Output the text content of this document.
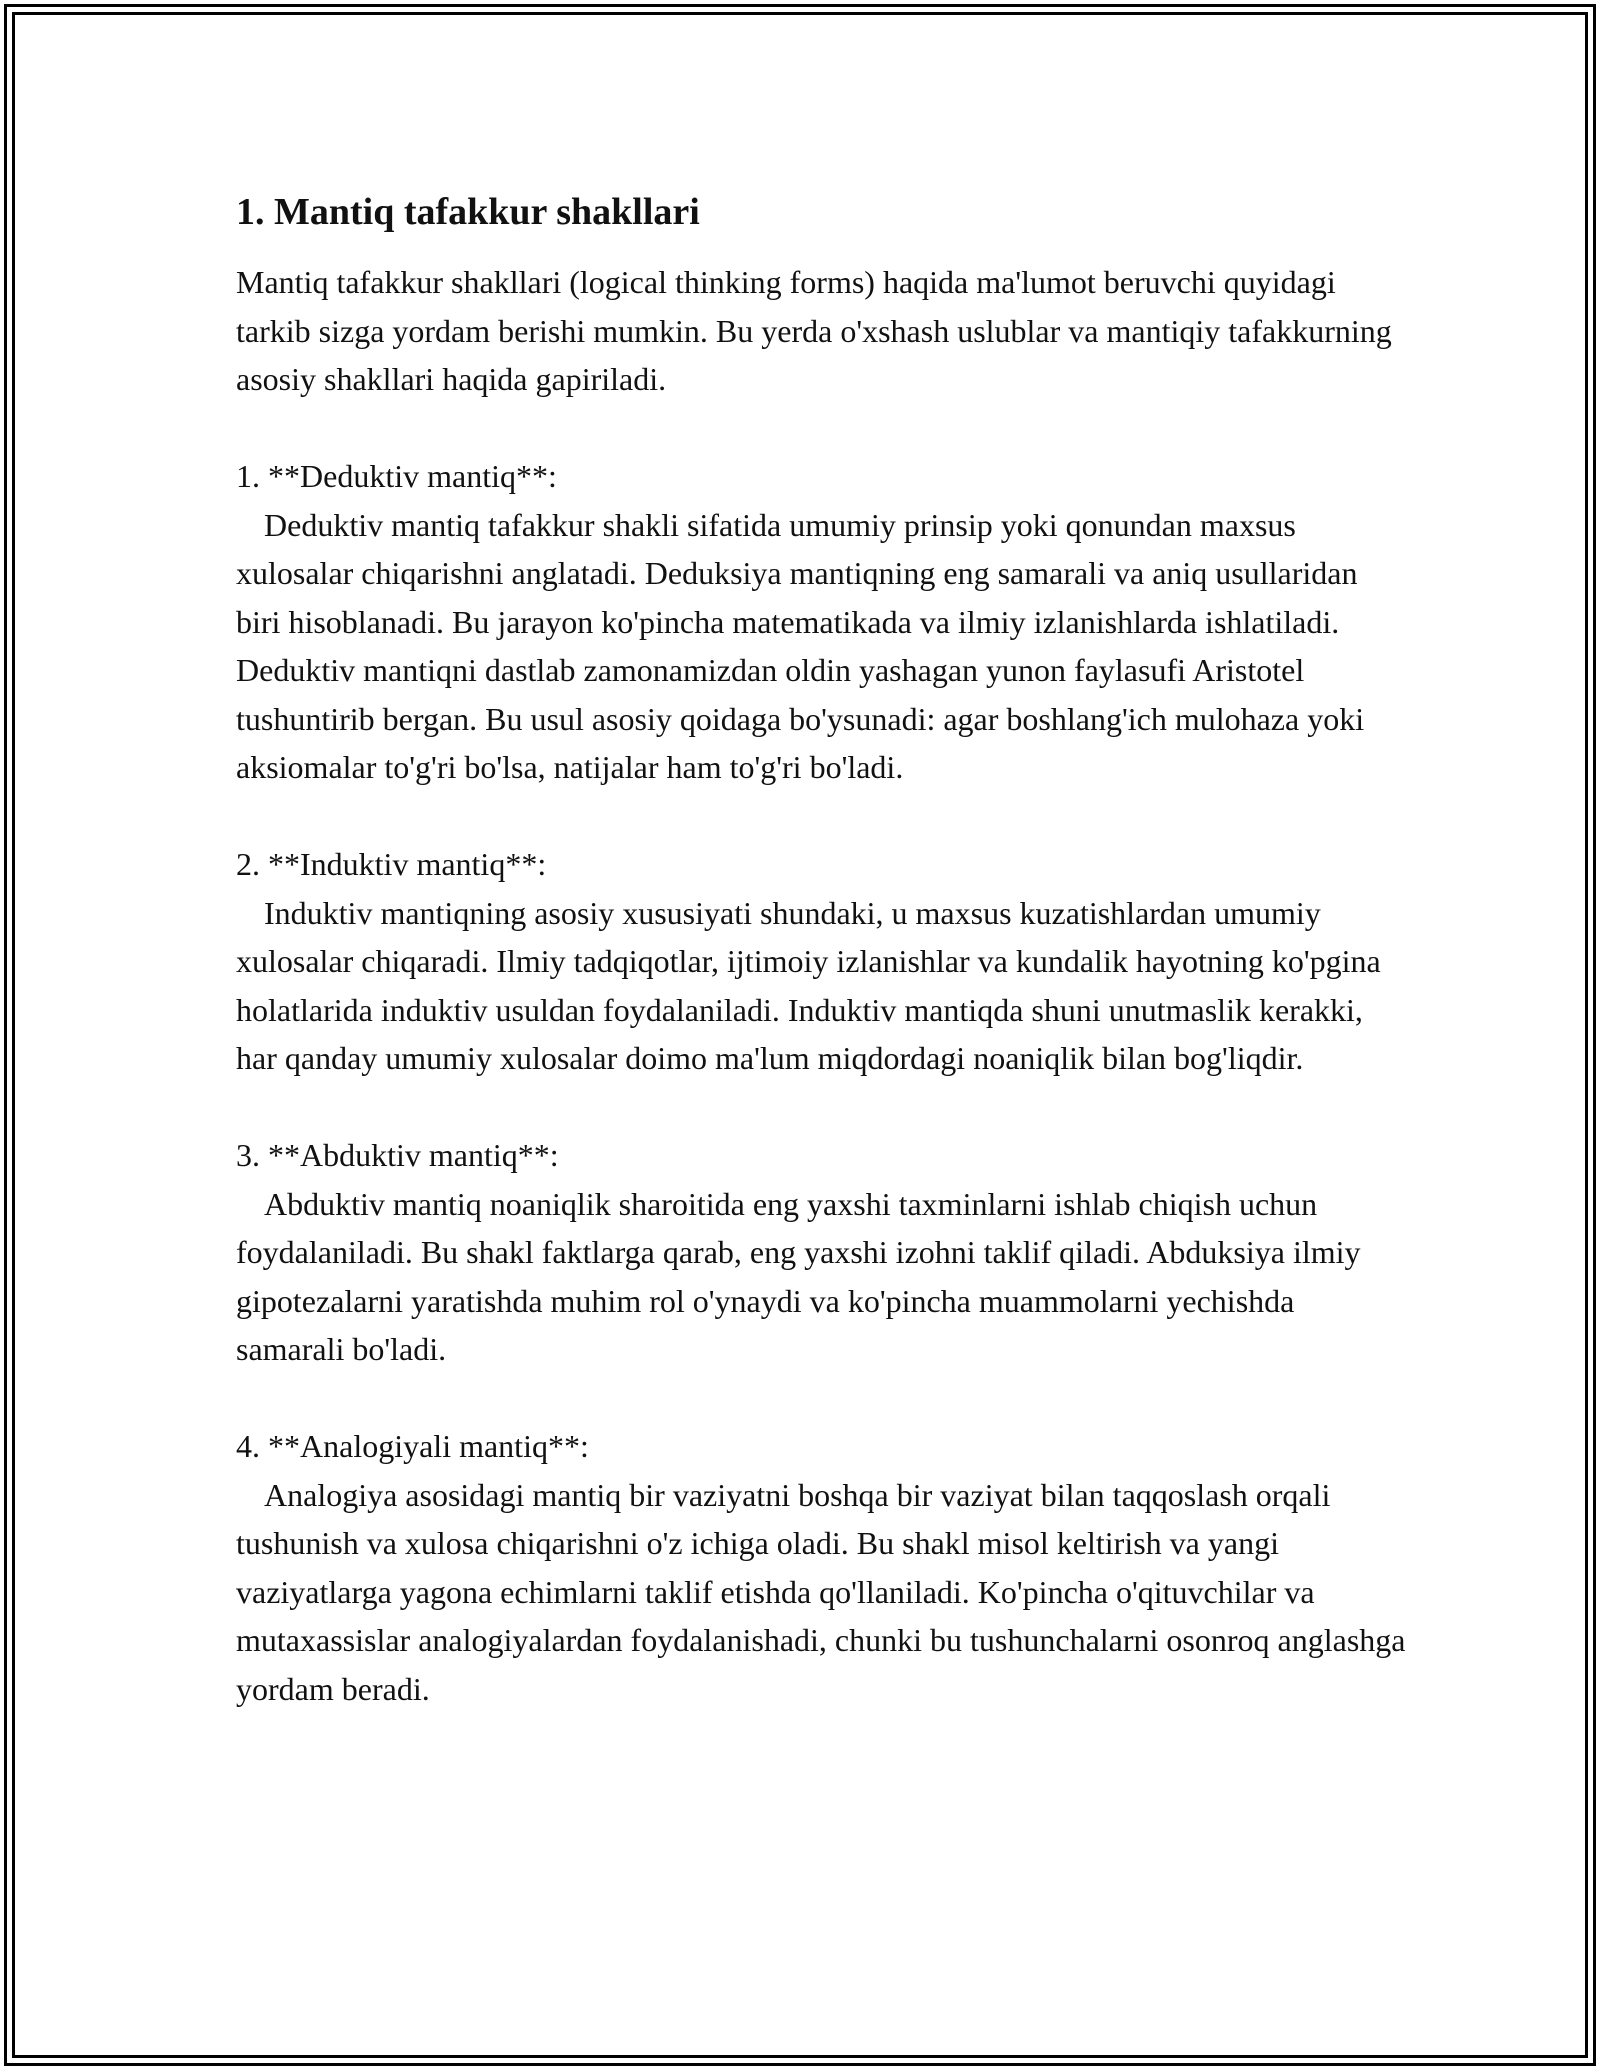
1. Mantiq tafakkur shakllari

Mantiq tafakkur shakllari (logical thinking forms) haqida ma'lumot beruvchi quyidagi tarkib sizga yordam berishi mumkin. Bu yerda o'xshash uslublar va mantiqiy tafakkurning asosiy shakllari haqida gapiriladi.

1. **Deduktiv mantiq**:

Deduktiv mantiq tafakkur shakli sifatida umumiy prinsip yoki qonundan maxsus xulosalar chiqarishni anglatadi. Deduksiya mantiqning eng samarali va aniq usullaridan biri hisoblanadi. Bu jarayon ko'pincha matematikada va ilmiy izlanishlarda ishlatiladi. Deduktiv mantiqni dastlab zamonamizdan oldin yashagan yunon faylasufi Aristotel tushuntirib bergan. Bu usul asosiy qoidaga bo'ysunadi: agar boshlang'ich mulohaza yoki aksiomalar to'g'ri bo'lsa, natijalar ham to'g'ri bo'ladi.

2. **Induktiv mantiq**:

Induktiv mantiqning asosiy xususiyati shundaki, u maxsus kuzatishlardan umumiy xulosalar chiqaradi. Ilmiy tadqiqotlar, ijtimoiy izlanishlar va kundalik hayotning ko'pgina holatlarida induktiv usuldan foydalaniladi. Induktiv mantiqda shuni unutmaslik kerakki, har qanday umumiy xulosalar doimo ma'lum miqdordagi noaniqlik bilan bog'liqdir.

3. **Abduktiv mantiq**:

Abduktiv mantiq noaniqlik sharoitida eng yaxshi taxminlarni ishlab chiqish uchun foydalaniladi. Bu shakl faktlarga qarab, eng yaxshi izohni taklif qiladi. Abduksiya ilmiy gipotezalarni yaratishda muhim rol o'ynaydi va ko'pincha muammolarni yechishda samarali bo'ladi.

4. **Analogiyali mantiq**:

Analogiya asosidagi mantiq bir vaziyatni boshqa bir vaziyat bilan taqqoslash orqali tushunish va xulosa chiqarishni o'z ichiga oladi. Bu shakl misol keltirish va yangi vaziyatlarga yagona echimlarni taklif etishda qo'llaniladi. Ko'pincha o'qituvchilar va mutaxassislar analogiyalardan foydalanishadi, chunki bu tushunchalarni osonroq anglashga yordam beradi.
